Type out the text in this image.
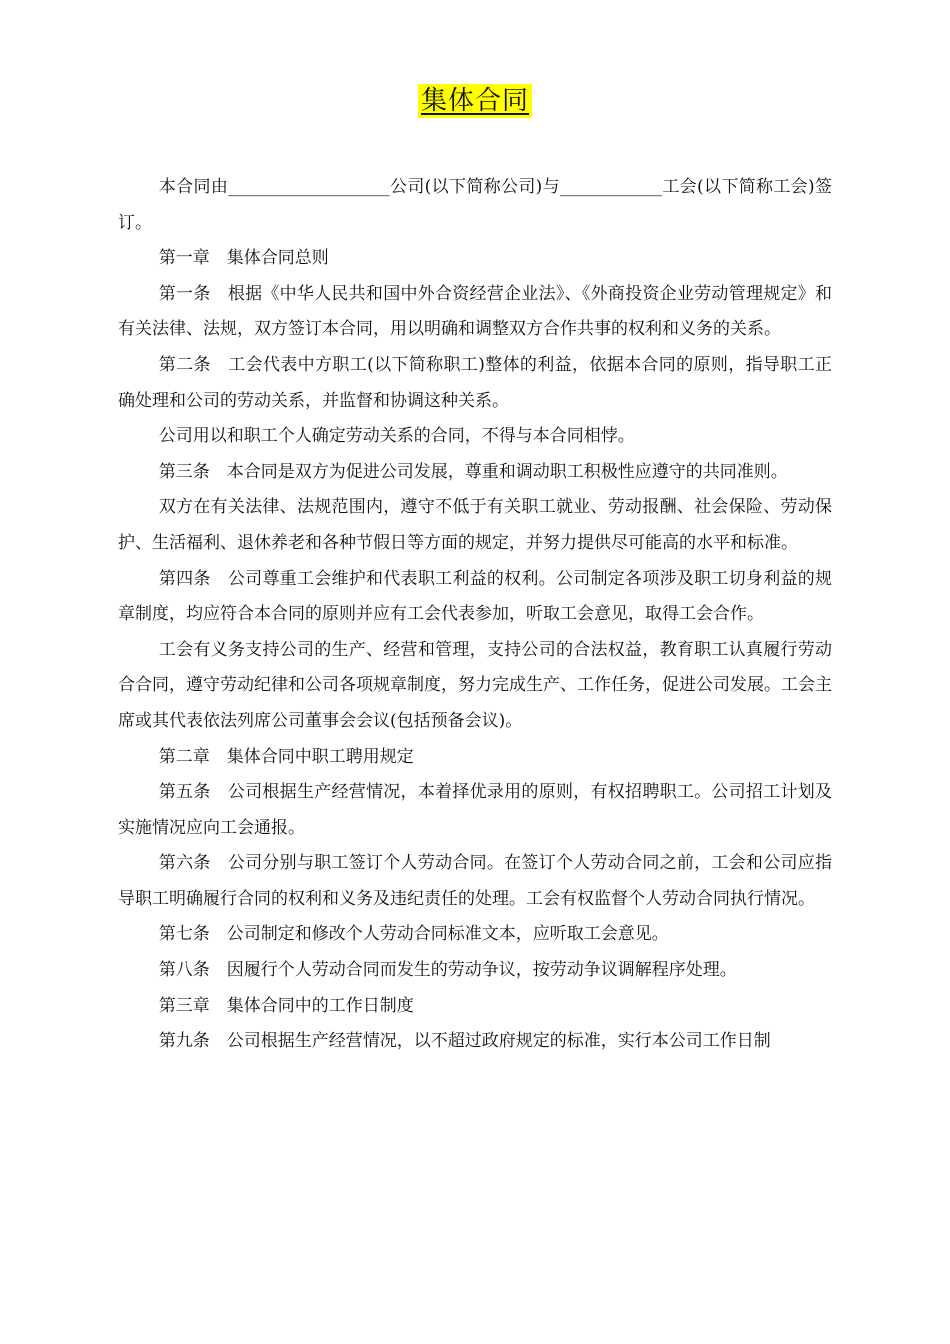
集体合同

本合同由___________________公司(以下简称公司)与____________工会(以下简称工会)签订。

第一章　集体合同总则

第一条　根据《中华人民共和国中外合资经营企业法》、《外商投资企业劳动管理规定》和有关法律、法规，双方签订本合同，用以明确和调整双方合作共事的权利和义务的关系。

第二条　工会代表中方职工(以下简称职工)整体的利益，依据本合同的原则，指导职工正确处理和公司的劳动关系，并监督和协调这种关系。

公司用以和职工个人确定劳动关系的合同，不得与本合同相悖。

第三条　本合同是双方为促进公司发展，尊重和调动职工积极性应遵守的共同准则。

双方在有关法律、法规范围内，遵守不低于有关职工就业、劳动报酬、社会保险、劳动保护、生活福利、退休养老和各种节假日等方面的规定，并努力提供尽可能高的水平和标准。

第四条　公司尊重工会维护和代表职工利益的权利。公司制定各项涉及职工切身利益的规章制度，均应符合本合同的原则并应有工会代表参加，听取工会意见，取得工会合作。

工会有义务支持公司的生产、经营和管理，支持公司的合法权益，教育职工认真履行劳动合合同，遵守劳动纪律和公司各项规章制度，努力完成生产、工作任务，促进公司发展。工会主席或其代表依法列席公司董事会会议(包括预备会议)。

第二章　集体合同中职工聘用规定

第五条　公司根据生产经营情况，本着择优录用的原则，有权招聘职工。公司招工计划及实施情况应向工会通报。

第六条　公司分别与职工签订个人劳动合同。在签订个人劳动合同之前，工会和公司应指导职工明确履行合同的权利和义务及违纪责任的处理。工会有权监督个人劳动合同执行情况。

第七条　公司制定和修改个人劳动合同标准文本，应听取工会意见。

第八条　因履行个人劳动合同而发生的劳动争议，按劳动争议调解程序处理。

第三章　集体合同中的工作日制度

第九条　公司根据生产经营情况，以不超过政府规定的标准，实行本公司工作日制
